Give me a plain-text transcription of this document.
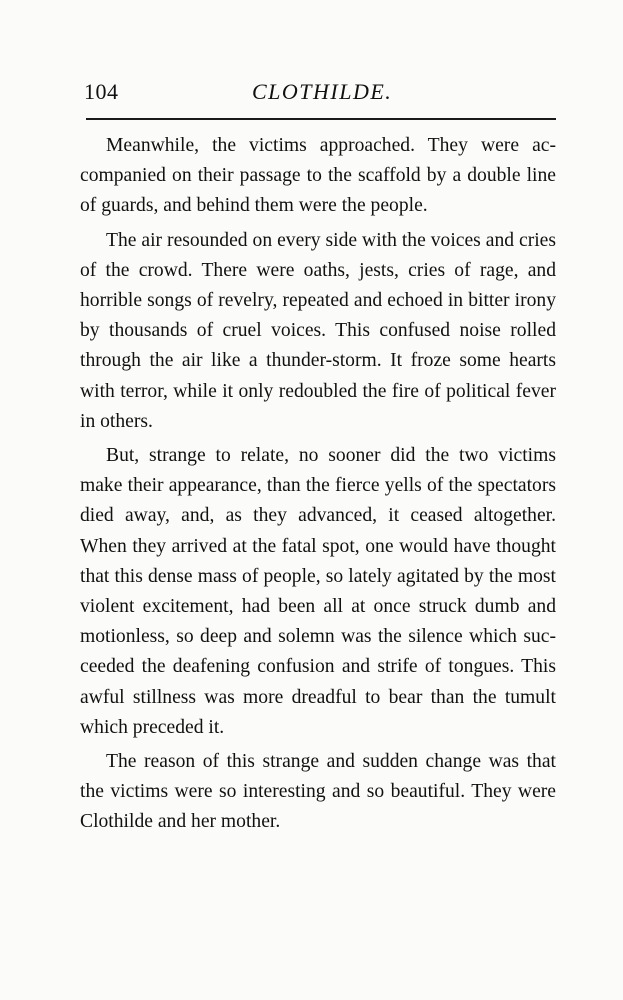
104	CLOTHILDE.

Meanwhile, the victims approached. They were accompanied on their passage to the scaffold by a double line of guards, and behind them were the people.

The air resounded on every side with the voices and cries of the crowd. There were oaths, jests, cries of rage, and horrible songs of revelry, repeated and echoed in bitter irony by thousands of cruel voices. This confused noise rolled through the air like a thunder-storm. It froze some hearts with terror, while it only redoubled the fire of political fever in others.

But, strange to relate, no sooner did the two victims make their appearance, than the fierce yells of the spectators died away, and, as they advanced, it ceased altogether. When they arrived at the fatal spot, one would have thought that this dense mass of people, so lately agitated by the most violent excitement, had been all at once struck dumb and motionless, so deep and solemn was the silence which succeeded the deafening confusion and strife of tongues. This awful stillness was more dreadful to bear than the tumult which preceded it.

The reason of this strange and sudden change was that the victims were so interesting and so beautiful. They were Clothilde and her mother.
